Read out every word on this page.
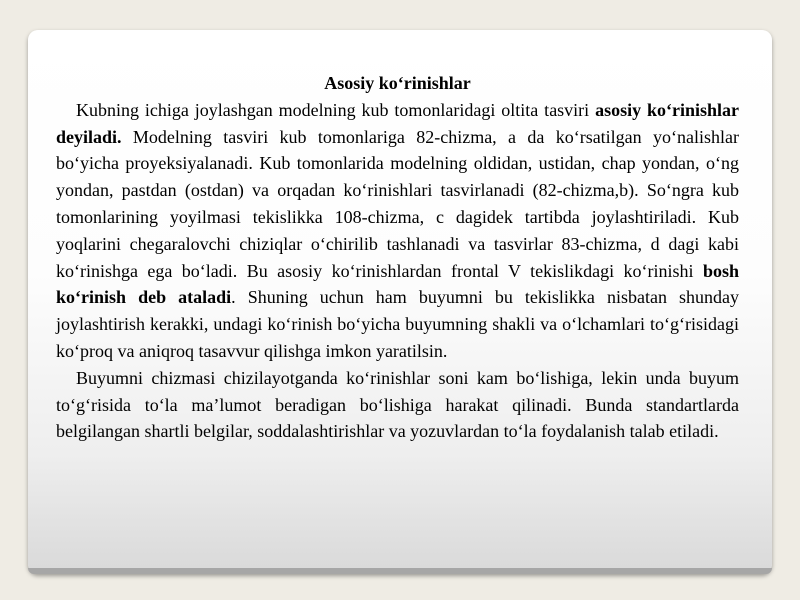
Asosiy ko‘rinishlar

Kubning ichiga joylashgan modelning kub tomonlaridagi oltita tasviri asosiy ko‘rinishlar deyiladi. Modelning tasviri kub tomonlariga 82-chizma, a da ko‘rsatilgan yo‘nalishlar bo‘yicha proyeksiyalanadi. Kub tomonlarida modelning oldidan, ustidan, chap yondan, o‘ng yondan, pastdan (ostdan) va orqadan ko‘rinishlari tasvirlanadi (82-chizma,b). So‘ngra kub tomonlarining yoyilmasi tekislikka 108-chizma, c dagidek tartibda joylashtiriladi. Kub yoqlarini chegaralovchi chiziqlar o‘chirilib tashlanadi va tasvirlar 83-chizma, d dagi kabi ko‘rinishga ega bo‘ladi. Bu asosiy ko‘rinishlardan frontal V tekislikdagi ko‘rinishi bosh ko‘rinish deb ataladi. Shuning uchun ham buyumni bu tekislikka nisbatan shunday joylashtirish kerakki, undagi ko‘rinish bo‘yicha buyumning shakli va o‘lchamlari to‘g‘risidagi ko‘proq va aniqroq tasavvur qilishga imkon yaratilsin.

Buyumni chizmasi chizilayotganda ko‘rinishlar soni kam bo‘lishiga, lekin unda buyum to‘g‘risida to‘la ma’lumot beradigan bo‘lishiga harakat qilinadi. Bunda standartlarda belgilangan shartli belgilar, soddalashtirishlar va yozuvlardan to‘la foydalanish talab etiladi.
